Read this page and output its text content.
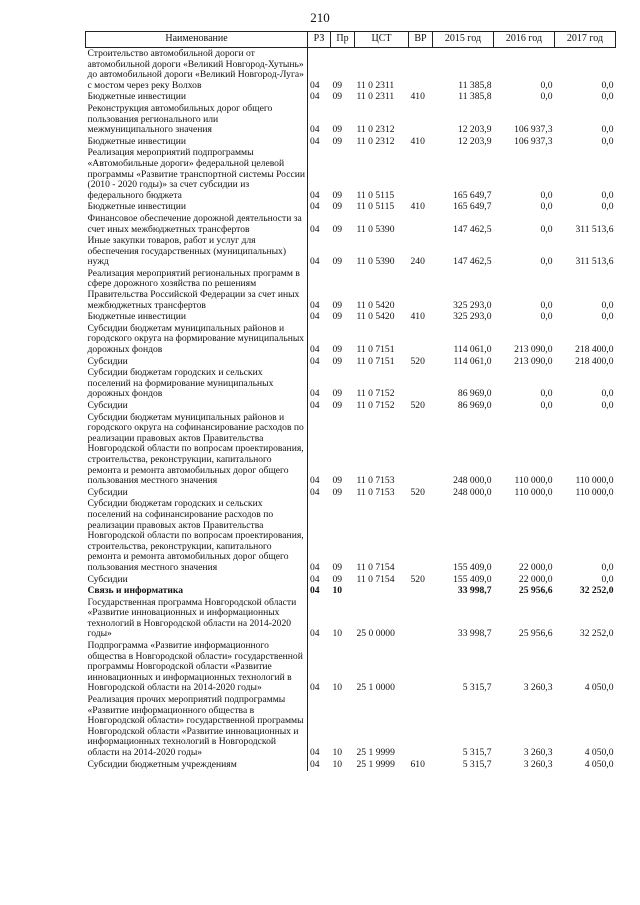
210
Наименование	РЗ	Пр	ЦСТ	ВР	2015 год	2016 год	2017 год
Строительство автомобильной дороги от автомобильной дороги «Великий Новгород-Хутынь» до автомобильной дороги «Великий Новгород-Луга» с мостом через реку Волхов	04	09	11 0 2311		11 385,8	0,0	0,0
Бюджетные инвестиции	04	09	11 0 2311	410	11 385,8	0,0	0,0
Реконструкция автомобильных дорог общего пользования регионального или межмуниципального значения	04	09	11 0 2312		12 203,9	106 937,3	0,0
Бюджетные инвестиции	04	09	11 0 2312	410	12 203,9	106 937,3	0,0
Реализация мероприятий подпрограммы «Автомобильные дороги» федеральной целевой программы «Развитие транспортной системы России (2010 - 2020 годы)» за счет субсидии из федерального бюджета	04	09	11 0 5115		165 649,7	0,0	0,0
Бюджетные инвестиции	04	09	11 0 5115	410	165 649,7	0,0	0,0
Финансовое обеспечение дорожной деятельности за счет иных межбюджетных трансфертов	04	09	11 0 5390		147 462,5	0,0	311 513,6
Иные закупки товаров, работ и услуг для обеспечения государственных (муниципальных) нужд	04	09	11 0 5390	240	147 462,5	0,0	311 513,6
Реализация мероприятий региональных программ в сфере дорожного хозяйства по решениям Правительства Российской Федерации за счет иных межбюджетных трансфертов	04	09	11 0 5420		325 293,0	0,0	0,0
Бюджетные инвестиции	04	09	11 0 5420	410	325 293,0	0,0	0,0
Субсидии бюджетам муниципальных районов и городского округа на формирование муниципальных дорожных фондов	04	09	11 0 7151		114 061,0	213 090,0	218 400,0
Субсидии	04	09	11 0 7151	520	114 061,0	213 090,0	218 400,0
Субсидии бюджетам городских и сельских поселений на формирование муниципальных дорожных фондов	04	09	11 0 7152		86 969,0	0,0	0,0
Субсидии	04	09	11 0 7152	520	86 969,0	0,0	0,0
Субсидии бюджетам муниципальных районов и городского округа на софинансирование расходов по реализации правовых актов Правительства Новгородской области по вопросам проектирования, строительства, реконструкции, капитального ремонта и ремонта автомобильных дорог общего пользования местного значения	04	09	11 0 7153		248 000,0	110 000,0	110 000,0
Субсидии	04	09	11 0 7153	520	248 000,0	110 000,0	110 000,0
Субсидии бюджетам городских и сельских поселений на софинансирование расходов по реализации правовых актов Правительства Новгородской области по вопросам проектирования, строительства, реконструкции, капитального ремонта и ремонта автомобильных дорог общего пользования местного значения	04	09	11 0 7154		155 409,0	22 000,0	0,0
Субсидии	04	09	11 0 7154	520	155 409,0	22 000,0	0,0
Связь и информатика	04	10			33 998,7	25 956,6	32 252,0
Государственная программа Новгородской области «Развитие инновационных и информационных технологий в Новгородской области на 2014-2020 годы»	04	10	25 0 0000		33 998,7	25 956,6	32 252,0
Подпрограмма «Развитие информационного общества в Новгородской области» государственной программы Новгородской области «Развитие инновационных и информационных технологий в Новгородской области на 2014-2020 годы»	04	10	25 1 0000		5 315,7	3 260,3	4 050,0
Реализация прочих мероприятий подпрограммы «Развитие информационного общества в Новгородской области» государственной программы Новгородской области «Развитие инновационных и информационных технологий в Новгородской области на 2014-2020 годы»	04	10	25 1 9999		5 315,7	3 260,3	4 050,0
Субсидии бюджетным учреждениям	04	10	25 1 9999	610	5 315,7	3 260,3	4 050,0
